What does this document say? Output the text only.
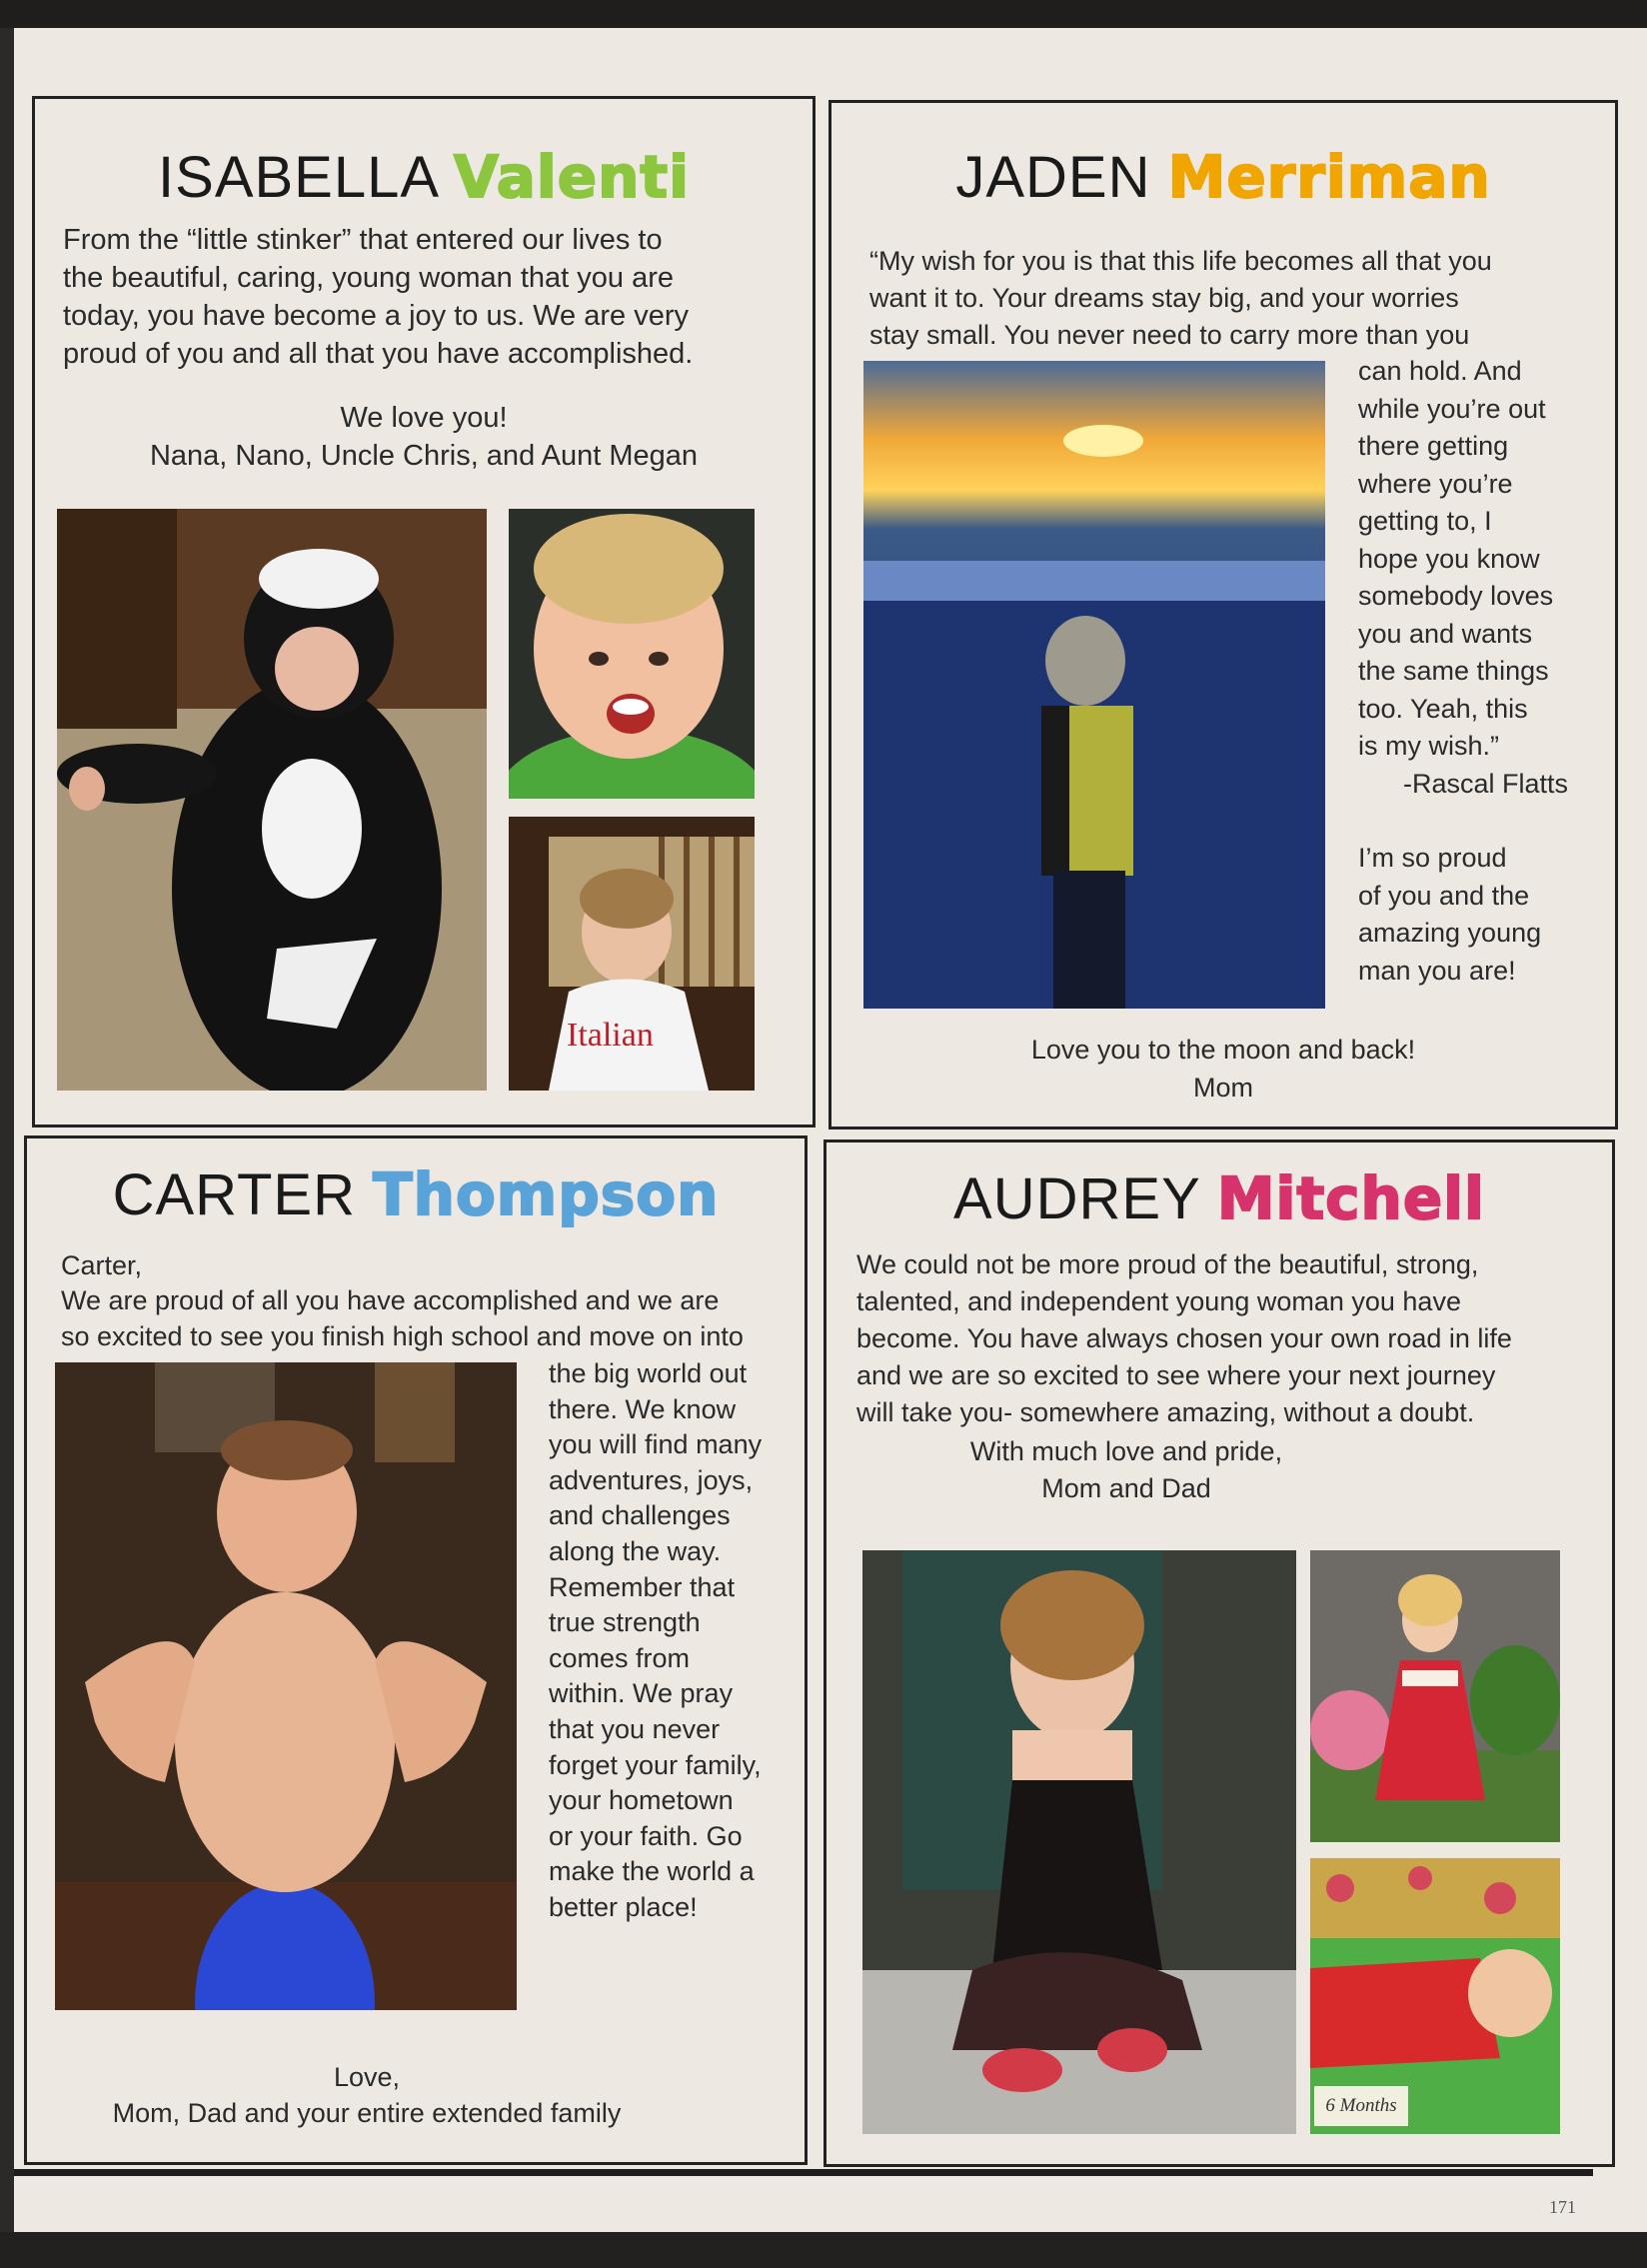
ISABELLA Valenti
From the “little stinker” that entered our lives to
the beautiful, caring, young woman that you are
today, you have become a joy to us. We are very
proud of you and all that you have accomplished.
We love you!
Nana, Nano, Uncle Chris, and Aunt Megan
Italian
JADEN Merriman
“My wish for you is that this life becomes all that you
want it to. Your dreams stay big, and your worries
stay small. You never need to carry more than you
can hold. And
while you’re out
there getting
where you’re
getting to, I
hope you know
somebody loves
you and wants
the same things
too. Yeah, this
is my wish.”
-Rascal Flatts
I’m so proud
of you and the
amazing young
man you are!
Love you to the moon and back!
Mom
CARTER Thompson
Carter,
We are proud of all you have accomplished and we are
so excited to see you finish high school and move on into
the big world out
there. We know
you will find many
adventures, joys,
and challenges
along the way.
Remember that
true strength
comes from
within. We pray
that you never
forget your family,
your hometown
or your faith. Go
make the world a
better place!
Love,
Mom, Dad and your entire extended family
AUDREY Mitchell
We could not be more proud of the beautiful, strong,
talented, and independent young woman you have
become. You have always chosen your own road in life
and we are so excited to see where your next journey
will take you- somewhere amazing, without a doubt.
With much love and pride,
Mom and Dad
6 Months
171
